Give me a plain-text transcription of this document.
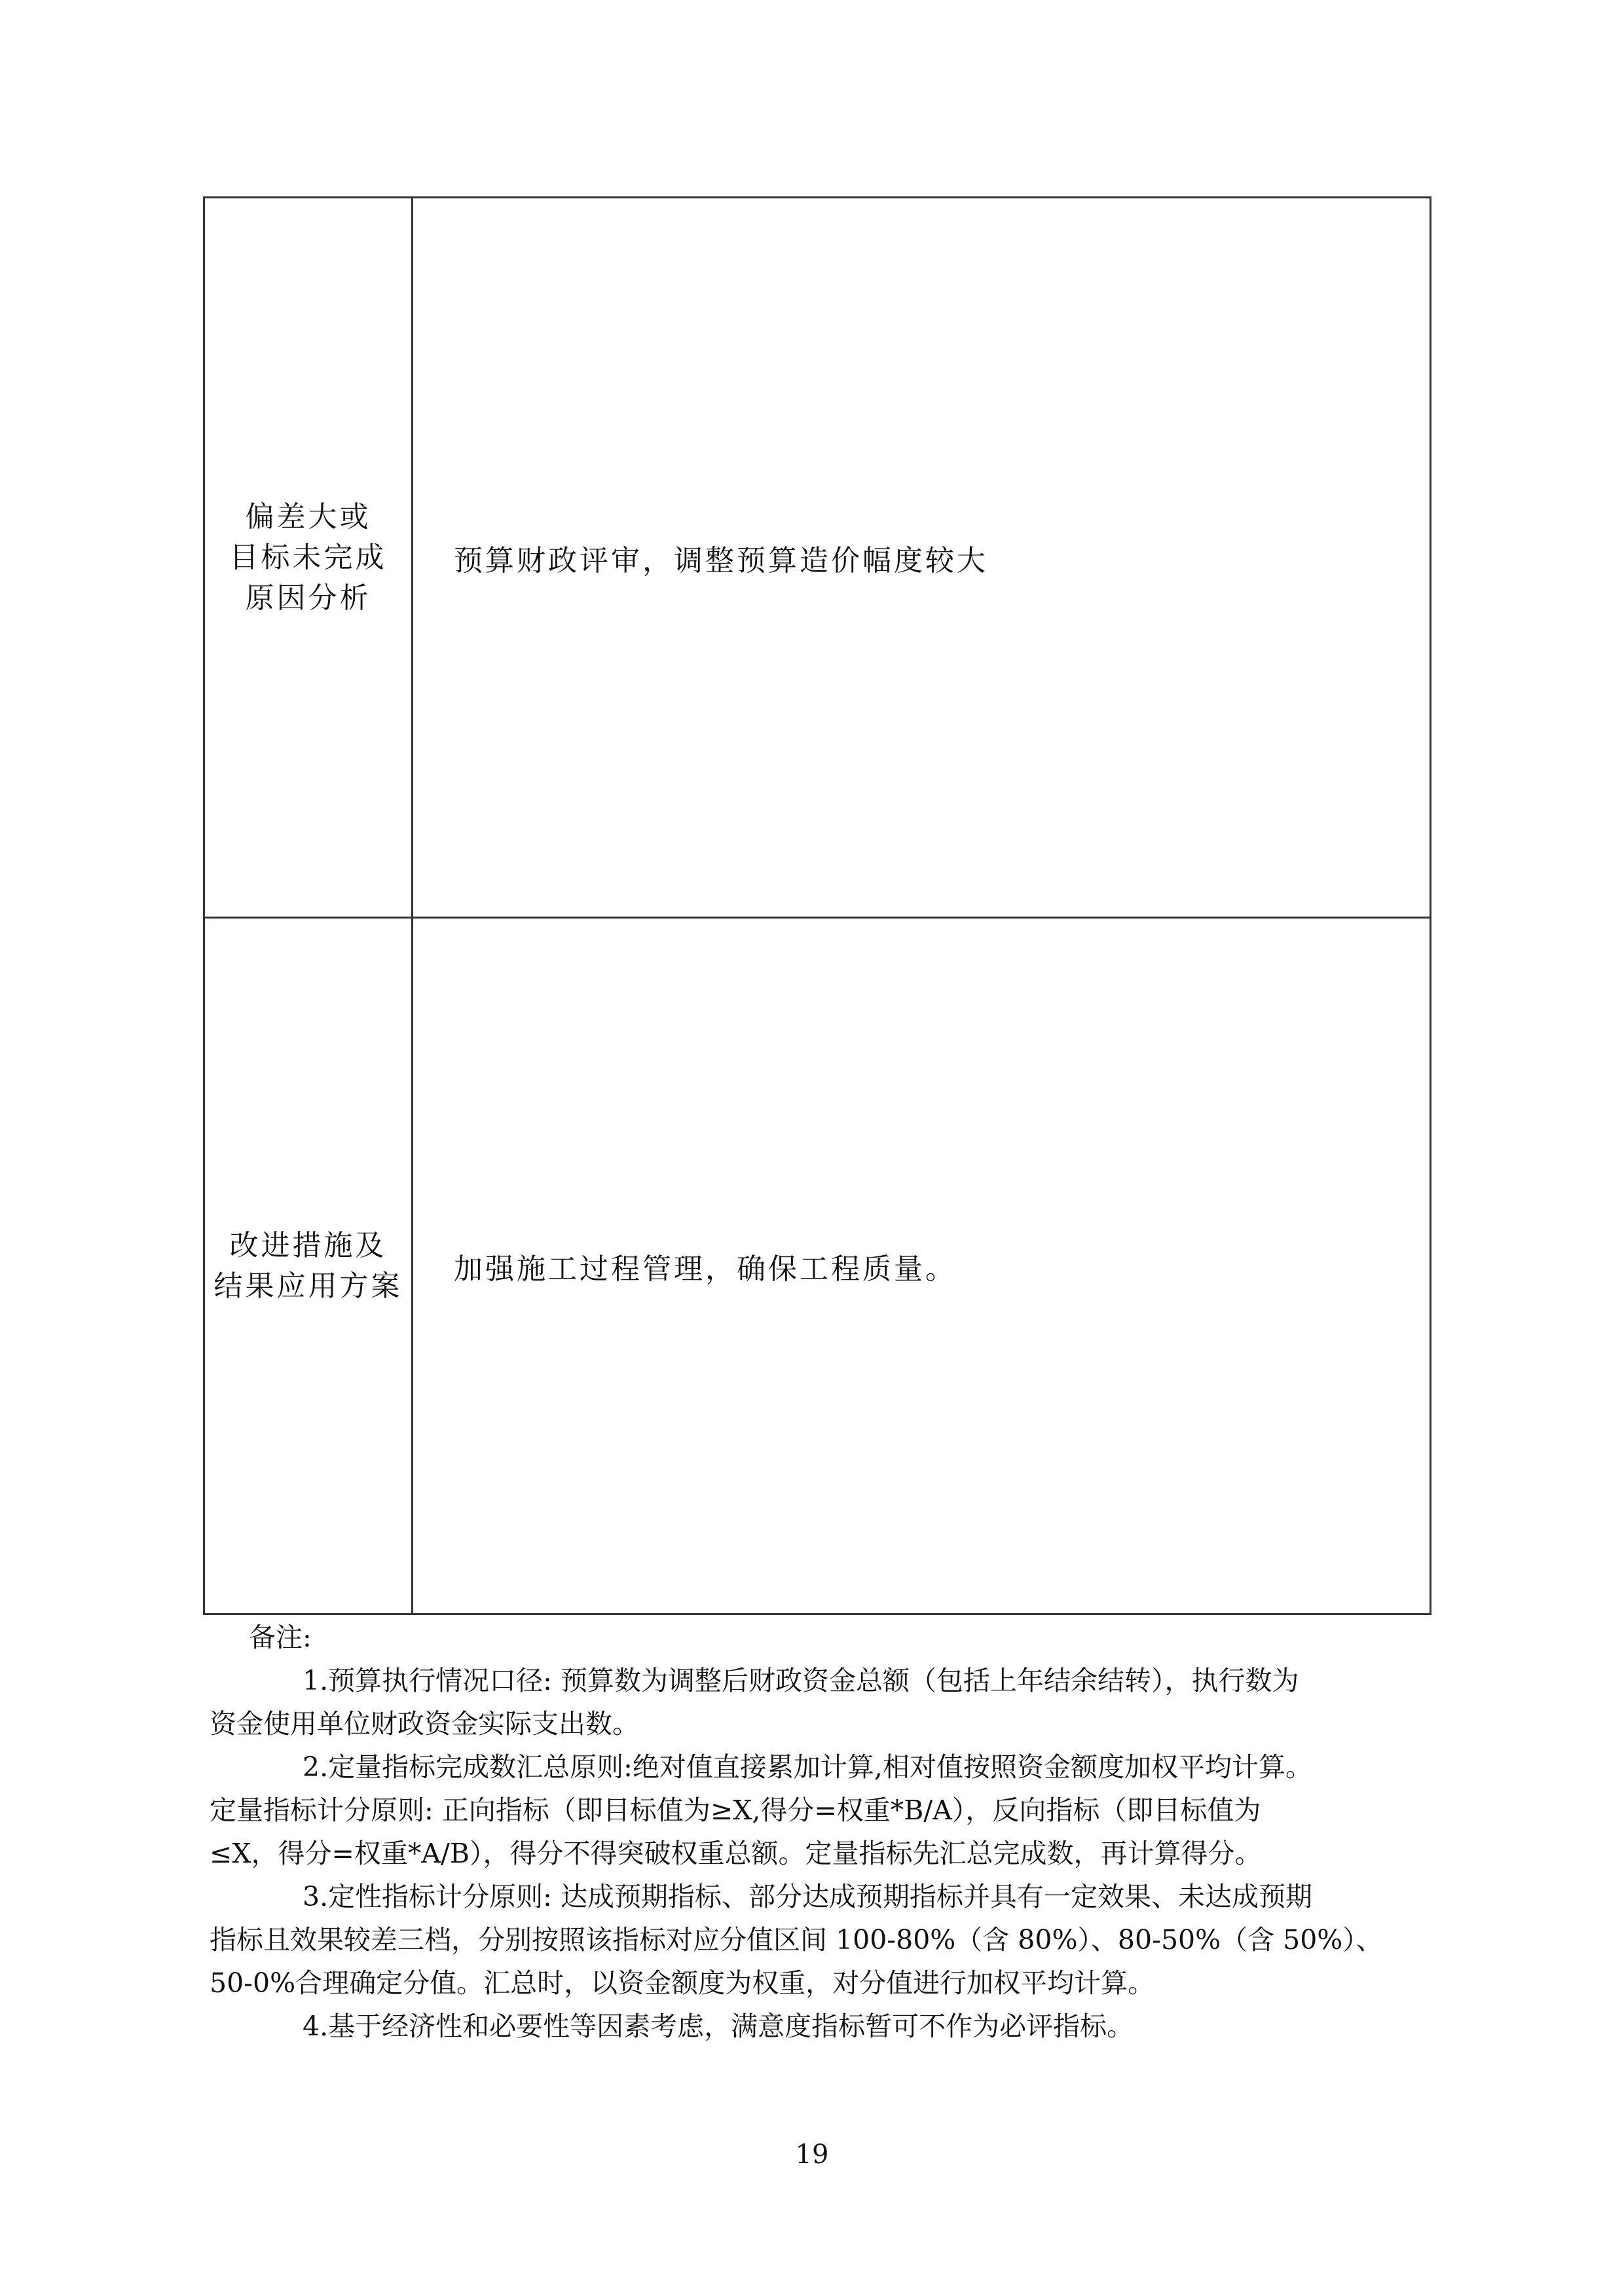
偏差大或
目标未完成
原因分析
预算财政评审，调整预算造价幅度较大
改进措施及
结果应用方案
加强施工过程管理，确保工程质量。

备注:

1.预算执行情况口径: 预算数为调整后财政资金总额（包括上年结余结转），执行数为

资金使用单位财政资金实际支出数。

2.定量指标完成数汇总原则:绝对值直接累加计算,相对值按照资金额度加权平均计算。

定量指标计分原则: 正向指标（即目标值为≥X,得分=权重*B/A），反向指标（即目标值为

≤X，得分=权重*A/B），得分不得突破权重总额。定量指标先汇总完成数，再计算得分。

3.定性指标计分原则: 达成预期指标、部分达成预期指标并具有一定效果、未达成预期

指标且效果较差三档，分别按照该指标对应分值区间 100-80%（含 80%）、80-50%（含 50%）、

50-0%合理确定分值。汇总时，以资金额度为权重，对分值进行加权平均计算。

4.基于经济性和必要性等因素考虑，满意度指标暂可不作为必评指标。

19
